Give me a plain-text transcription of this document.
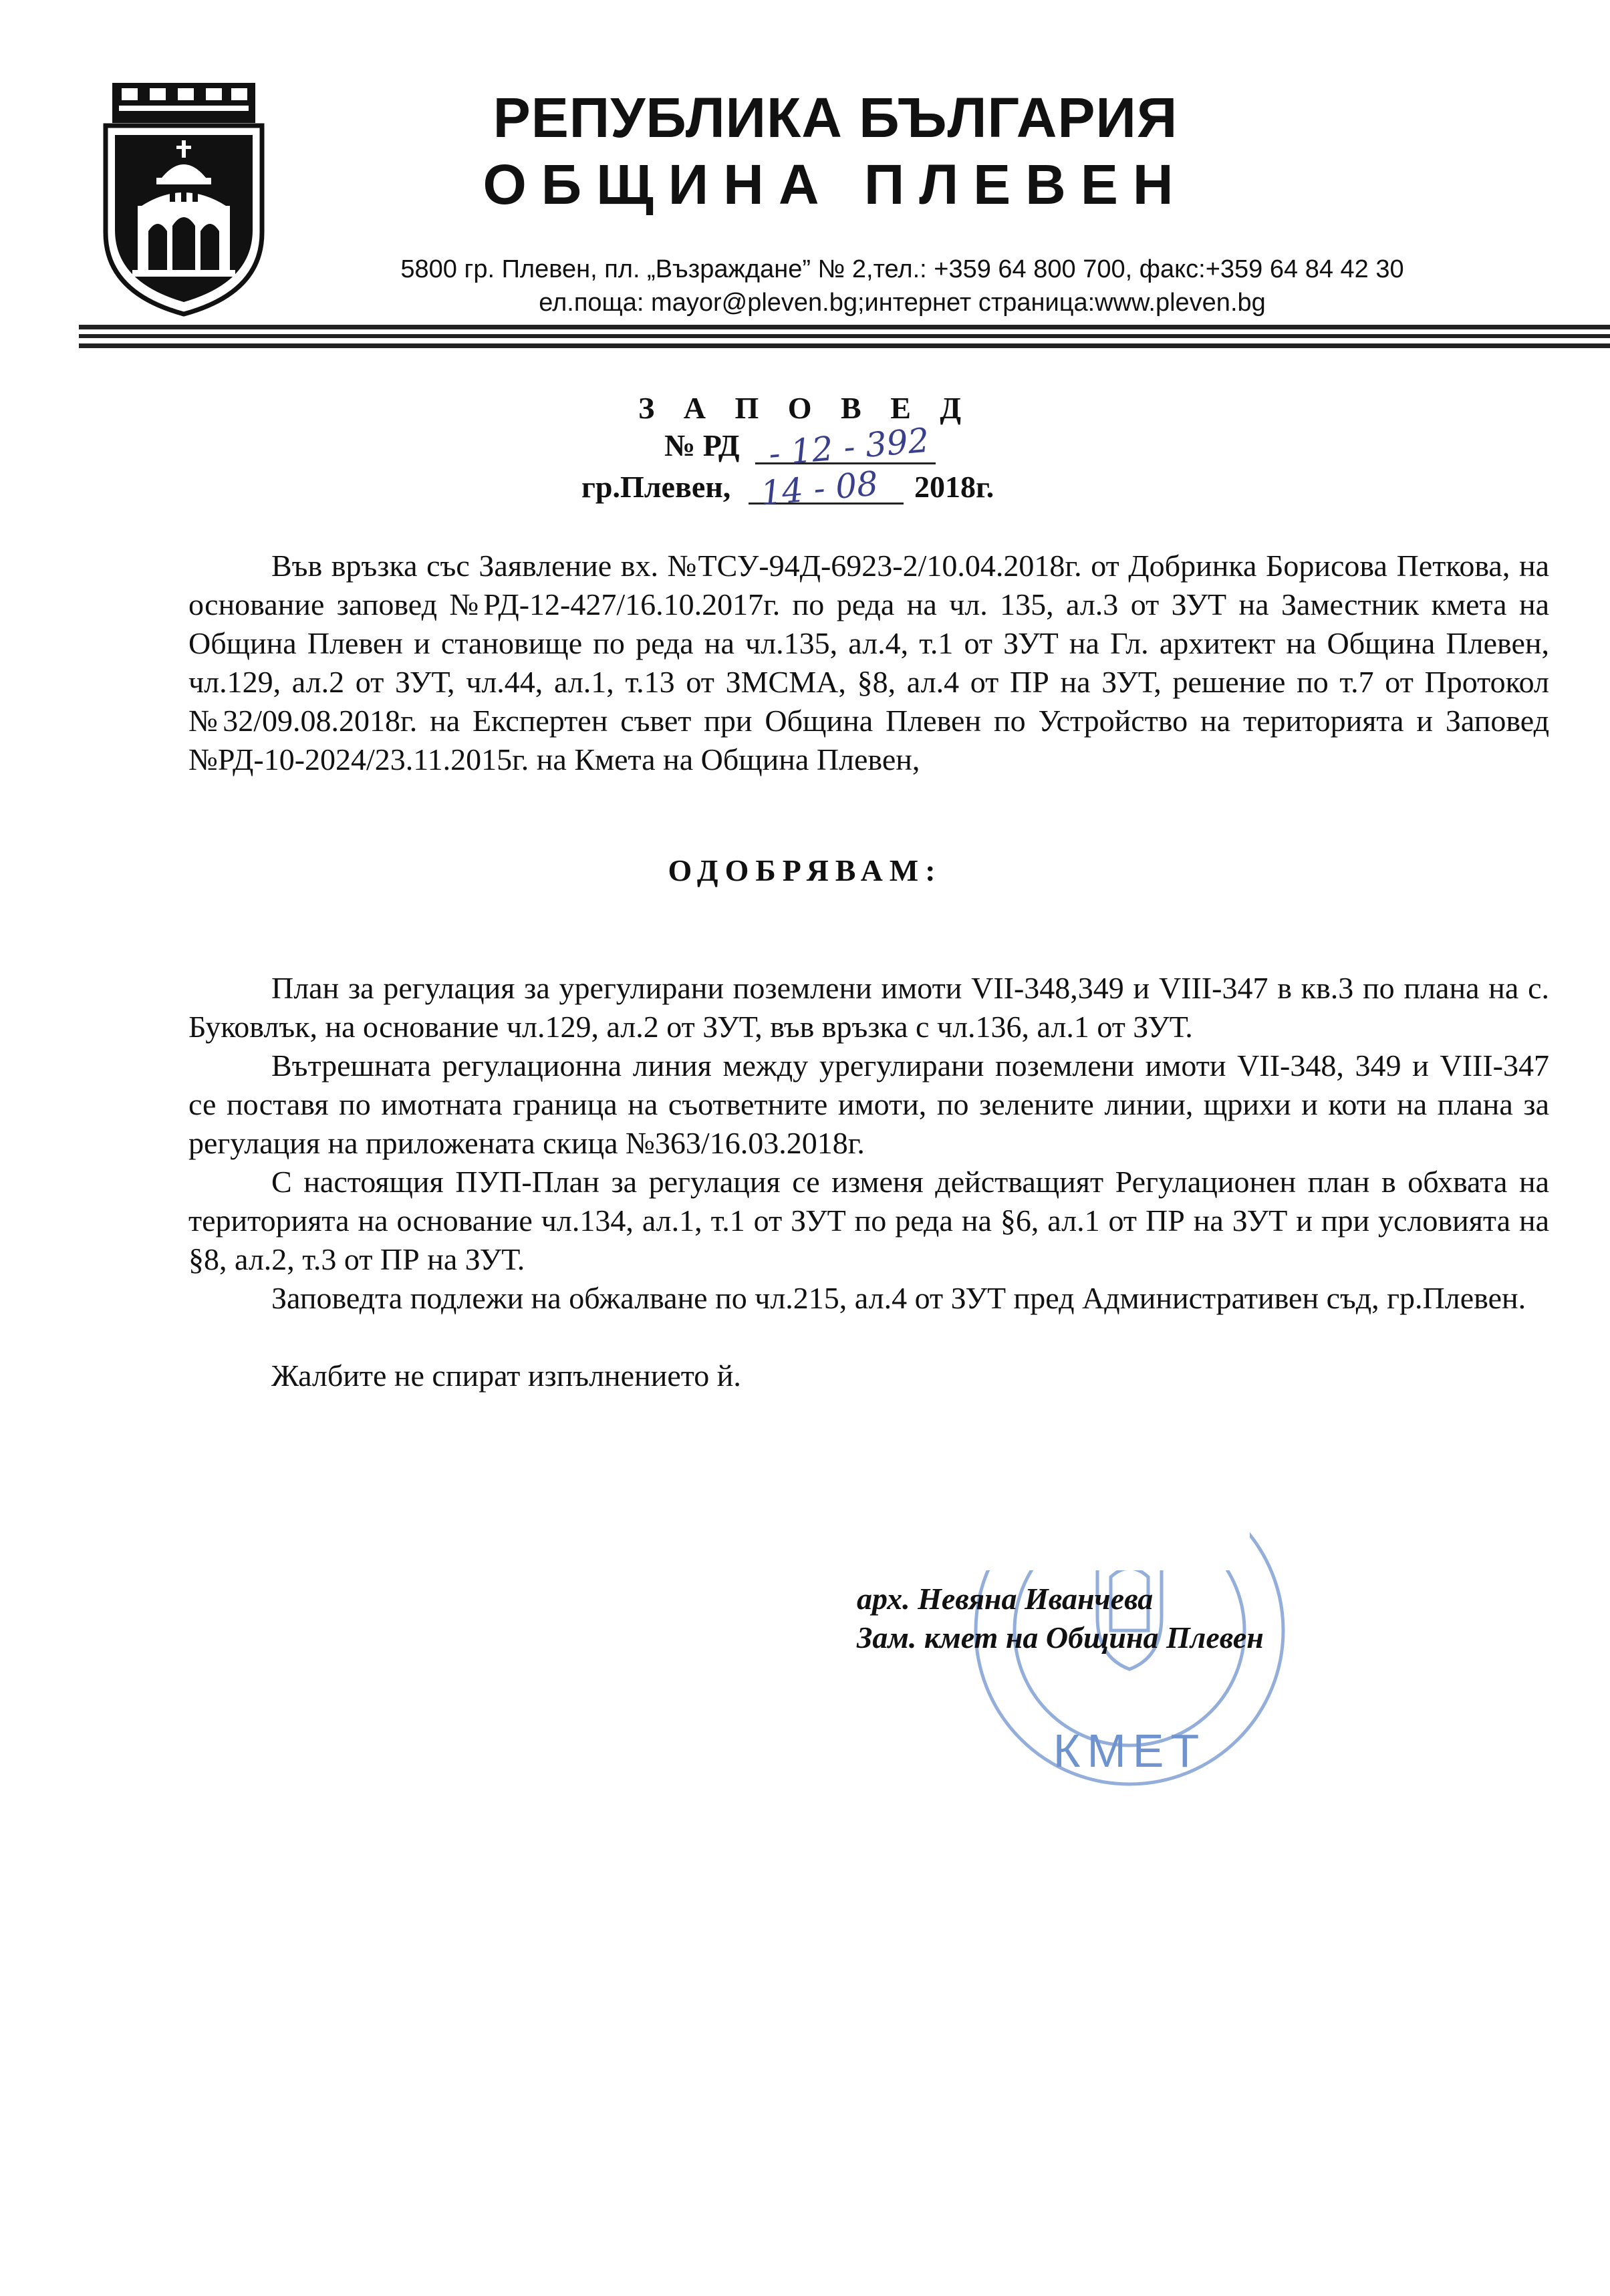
РЕПУБЛИКА БЪЛГАРИЯ
ОБЩИНА ПЛЕВЕН
5800 гр. Плевен, пл. „Възраждане” № 2,тел.: +359 64 800 700, факс:+359 64 84 42 30
ел.поща: mayor@pleven.bg;интернет страница:www.pleven.bg
З А П О В Е Д
№ РД - 12 - 392
гр.Плевен, 14 - 08 2018г.
Във връзка със Заявление вх. №ТСУ-94Д-6923-2/10.04.2018г. от Добринка Борисова Петкова, на основание заповед №РД-12-427/16.10.2017г. по реда на чл. 135, ал.3 от ЗУТ на Заместник кмета на Община Плевен и становище по реда на чл.135, ал.4, т.1 от ЗУТ на Гл. архитект на Община Плевен, чл.129, ал.2 от ЗУТ, чл.44, ал.1, т.13 от ЗМСМА, §8, ал.4 от ПР на ЗУТ, решение по т.7 от Протокол №32/09.08.2018г. на Експертен съвет при Община Плевен по Устройство на територията и Заповед №РД-10-2024/23.11.2015г. на Кмета на Община Плевен,
ОДОБРЯВАМ:
План за регулация за урегулирани поземлени имоти VII-348,349 и VIII-347 в кв.3 по плана на с. Буковлък, на основание чл.129, ал.2 от ЗУТ, във връзка с чл.136, ал.1 от ЗУТ.
Вътрешната регулационна линия между урегулирани поземлени имоти VII-348, 349 и VIII-347 се поставя по имотната граница на съответните имоти, по зелените линии, щрихи и коти на плана за регулация на приложената скица №363/16.03.2018г.
С настоящия ПУП-План за регулация се изменя действащият Регулационен план в обхвата на територията на основание чл.134, ал.1, т.1 от ЗУТ по реда на §6, ал.1 от ПР на ЗУТ и при условията на §8, ал.2, т.3 от ПР на ЗУТ.
Заповедта подлежи на обжалване по чл.215, ал.4 от ЗУТ пред Административен съд, гр.Плевен.
Жалбите не спират изпълнението й.
КМЕТ
арх. Невяна Иванчева
Зам. кмет на Община Плевен
